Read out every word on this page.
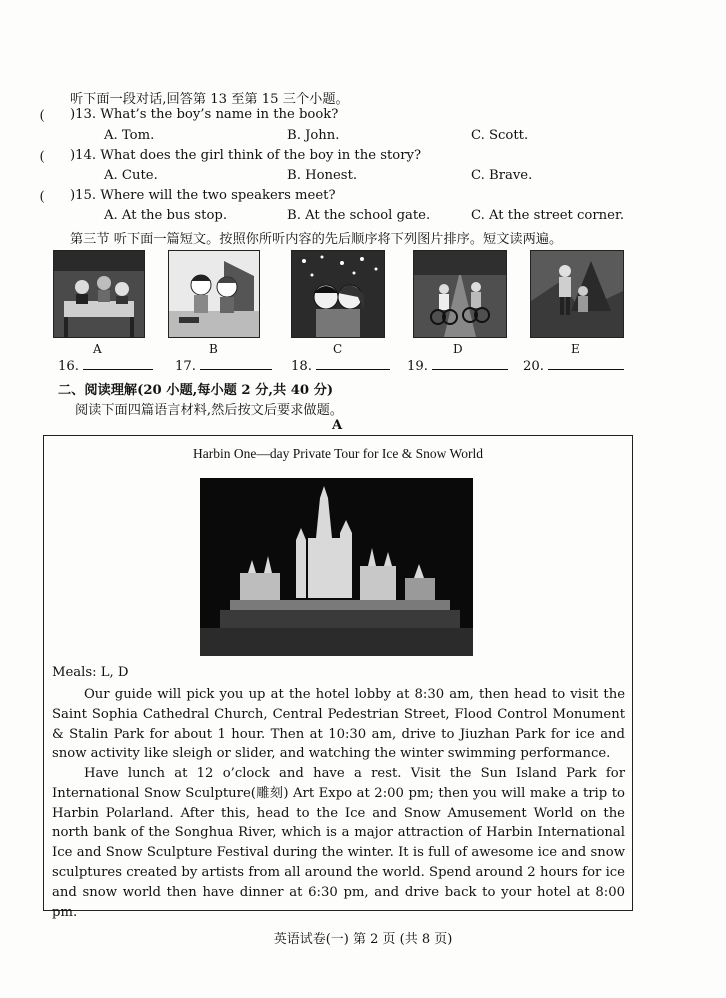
听下面一段对话,回答第 13 至第 15 三个小题。
( )13. What’s the boy’s name in the book?
A. Tom.	B. John.	C. Scott.
( )14. What does the girl think of the boy in the story?
A. Cute.	B. Honest.	C. Brave.
( )15. Where will the two speakers meet?
A. At the bus stop.	B. At the school gate.	C. At the street corner.
第三节 听下面一篇短文。按照你所听内容的先后顺序将下列图片排序。短文读两遍。
A	B	C	D	E
16.	17.	18.	19.	20.
二、阅读理解(20 小题,每小题 2 分,共 40 分)
阅读下面四篇语言材料,然后按文后要求做题。
A
Harbin One—day Private Tour for Ice & Snow World
Meals: L, D
Our guide will pick you up at the hotel lobby at 8:30 am, then head to visit the Saint Sophia Cathedral Church, Central Pedestrian Street, Flood Control Monument & Stalin Park for about 1 hour. Then at 10:30 am, drive to Jiuzhan Park for ice and snow activity like sleigh or slider, and watching the winter swimming performance.
Have lunch at 12 o’clock and have a rest. Visit the Sun Island Park for International Snow Sculpture(雕刻) Art Expo at 2:00 pm; then you will make a trip to Harbin Polarland. After this, head to the Ice and Snow Amusement World on the north bank of the Songhua River, which is a major attraction of Harbin International Ice and Snow Sculpture Festival during the winter. It is full of awesome ice and snow sculptures created by artists from all around the world. Spend around 2 hours for ice and snow world then have dinner at 6:30 pm, and drive back to your hotel at 8:00 pm.
英语试卷(一) 第 2 页 (共 8 页)
